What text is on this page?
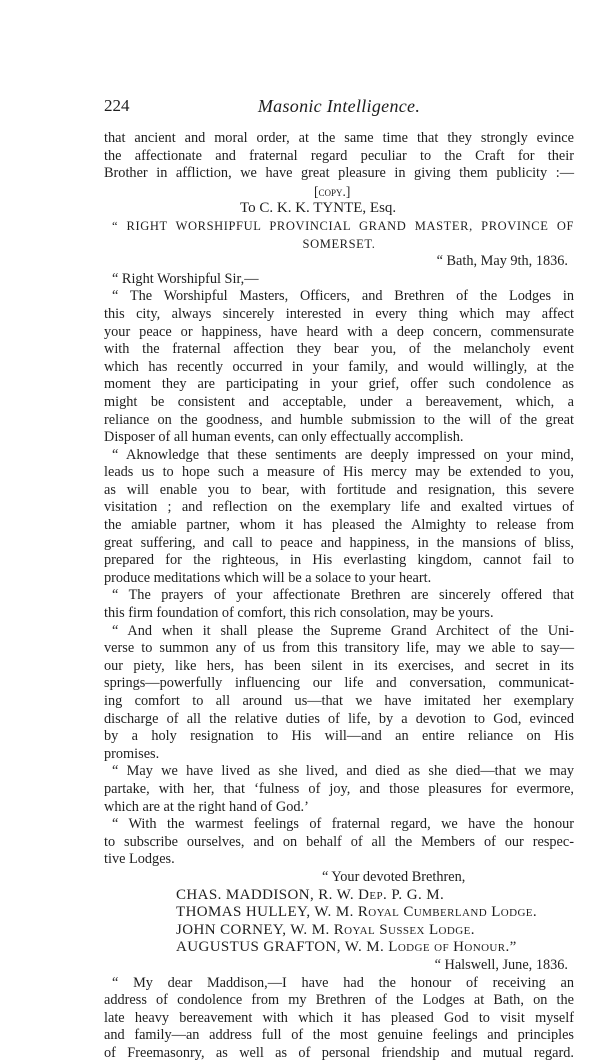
224	Masonic Intelligence.
that ancient and moral order, at the same time that they strongly evince
the affectionate and fraternal regard peculiar to the Craft for their
Brother in affliction, we have great pleasure in giving them publicity :—
[copy.]
To C. K. K. TYNTE, Esq.
“ RIGHT WORSHIPFUL PROVINCIAL GRAND MASTER, PROVINCE OF
SOMERSET.
“ Bath, May 9th, 1836.
“ Right Worshipful Sir,—
“ The Worshipful Masters, Officers, and Brethren of the Lodges in
this city, always sincerely interested in every thing which may affect
your peace or happiness, have heard with a deep concern, commensurate
with the fraternal affection they bear you, of the melancholy event
which has recently occurred in your family, and would willingly, at the
moment they are participating in your grief, offer such condolence as
might be consistent and acceptable, under a bereavement, which, a
reliance on the goodness, and humble submission to the will of the great
Disposer of all human events, can only effectually accomplish.
“ Aknowledge that these sentiments are deeply impressed on your mind,
leads us to hope such a measure of His mercy may be extended to you,
as will enable you to bear, with fortitude and resignation, this severe
visitation ; and reflection on the exemplary life and exalted virtues of
the amiable partner, whom it has pleased the Almighty to release from
great suffering, and call to peace and happiness, in the mansions of bliss,
prepared for the righteous, in His everlasting kingdom, cannot fail to
produce meditations which will be a solace to your heart.
“ The prayers of your affectionate Brethren are sincerely offered that
this firm foundation of comfort, this rich consolation, may be yours.
“ And when it shall please the Supreme Grand Architect of the Uni-
verse to summon any of us from this transitory life, may we able to say—
our piety, like hers, has been silent in its exercises, and secret in its
springs—powerfully influencing our life and conversation, communicat-
ing comfort to all around us—that we have imitated her exemplary
discharge of all the relative duties of life, by a devotion to God, evinced
by a holy resignation to His will—and an entire reliance on His
promises.
“ May we have lived as she lived, and died as she died—that we may
partake, with her, that ‘fulness of joy, and those pleasures for evermore,
which are at the right hand of God.’
“ With the warmest feelings of fraternal regard, we have the honour
to subscribe ourselves, and on behalf of all the Members of our respec-
tive Lodges.
“ Your devoted Brethren,
CHAS. MADDISON, R. W. Dep. P. G. M.
THOMAS HULLEY, W. M. Royal Cumberland Lodge.
JOHN CORNEY, W. M. Royal Sussex Lodge.
AUGUSTUS GRAFTON, W. M. Lodge of Honour.”
“ Halswell, June, 1836.
“ My dear Maddison,—I have had the honour of receiving an
address of condolence from my Brethren of the Lodges at Bath, on the
late heavy bereavement with which it has pleased God to visit myself
and family—an address full of the most genuine feelings and principles
of Freemasonry, as well as of personal friendship and mutual regard.
